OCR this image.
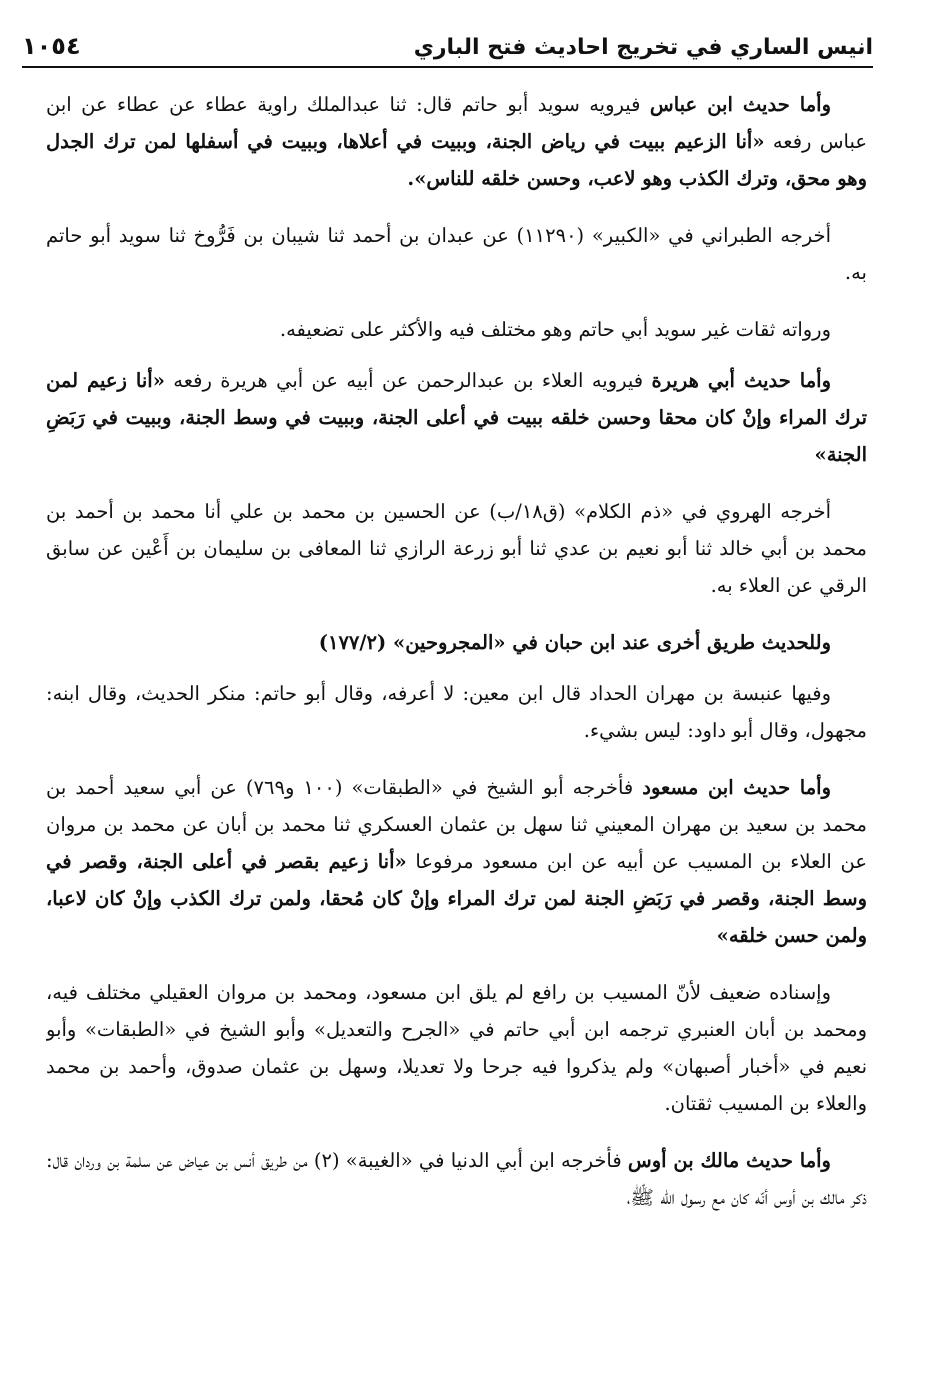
انيس الساري في تخريج احاديث فتح الباري
١٠٥٤

وأما حديث ابن عباس فيرويه سويد أبو حاتم قال: ثنا عبدالملك راوية عطاء عن عطاء عن ابن عباس رفعه «أنا الزعيم ببيت في رياض الجنة، وببيت في أعلاها، وببيت في أسفلها لمن ترك الجدل وهو محق، وترك الكذب وهو لاعب، وحسن خلقه للناس».

أخرجه الطبراني في «الكبير» (١١٢٩٠) عن عبدان بن أحمد ثنا شيبان بن فَرُّوخ ثنا سويد أبو حاتم به.

ورواته ثقات غير سويد أبي حاتم وهو مختلف فيه والأكثر على تضعيفه.

وأما حديث أبي هريرة فيرويه العلاء بن عبدالرحمن عن أبيه عن أبي هريرة رفعه «أنا زعيم لمن ترك المراء وإنْ كان محقا وحسن خلقه ببيت في أعلى الجنة، وببيت في وسط الجنة، وببيت في رَبَضِ الجنة»

أخرجه الهروي في «ذم الكلام» (ق١٨/ب) عن الحسين بن محمد بن علي أنا محمد بن أحمد بن محمد بن أبي خالد ثنا أبو نعيم بن عدي ثنا أبو زرعة الرازي ثنا المعافى بن سليمان بن أَعْين عن سابق الرقي عن العلاء به.

وللحديث طريق أخرى عند ابن حبان في «المجروحين» (١٧٧/٢)

وفيها عنبسة بن مهران الحداد قال ابن معين: لا أعرفه، وقال أبو حاتم: منكر الحديث، وقال ابنه: مجهول، وقال أبو داود: ليس بشيء.

وأما حديث ابن مسعود فأخرجه أبو الشيخ في «الطبقات» (١٠٠ و٧٦٩) عن أبي سعيد أحمد بن محمد بن سعيد بن مهران المعيني ثنا سهل بن عثمان العسكري ثنا محمد بن أبان عن محمد بن مروان عن العلاء بن المسيب عن أبيه عن ابن مسعود مرفوعا «أنا زعيم بقصر في أعلى الجنة، وقصر في وسط الجنة، وقصر في رَبَضِ الجنة لمن ترك المراء وإنْ كان مُحقا، ولمن ترك الكذب وإنْ كان لاعبا، ولمن حسن خلقه»

وإسناده ضعيف لأنّ المسيب بن رافع لم يلق ابن مسعود، ومحمد بن مروان العقيلي مختلف فيه، ومحمد بن أبان العنبري ترجمه ابن أبي حاتم في «الجرح والتعديل» وأبو الشيخ في «الطبقات» وأبو نعيم في «أخبار أصبهان» ولم يذكروا فيه جرحا ولا تعديلا، وسهل بن عثمان صدوق، وأحمد بن محمد والعلاء بن المسيب ثقتان.

وأما حديث مالك بن أوس فأخرجه ابن أبي الدنيا في «الغيبة» (٢) من طريق أنس بن عياض عن سلمة بن وردان قال: ذكر مالك بن أوس أنّه كان مع رسول الله ﷺ،
